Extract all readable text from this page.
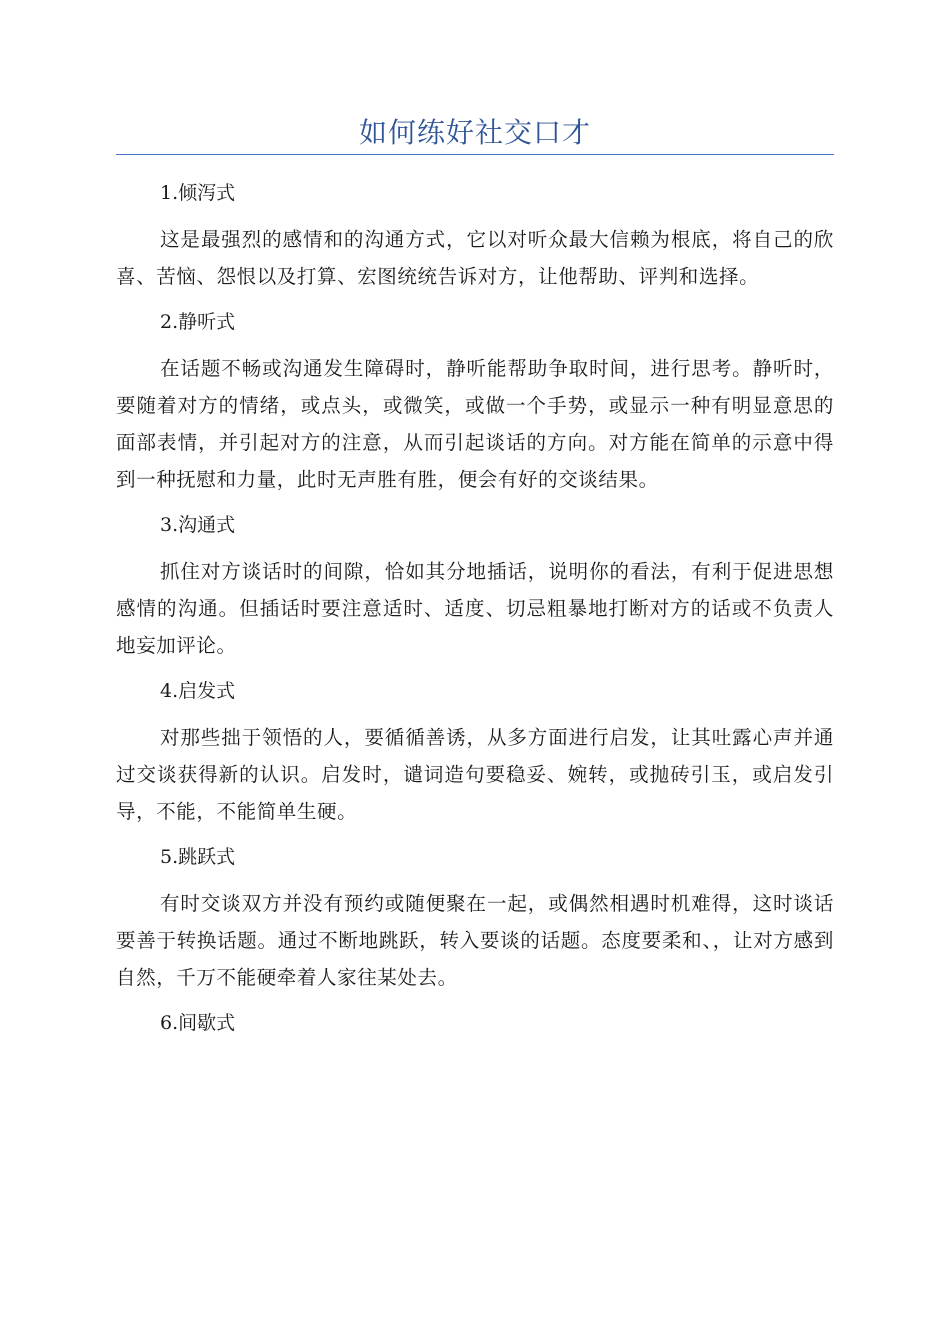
如何练好社交口才

1.倾泻式

这是最强烈的感情和的沟通方式，它以对听众最大信赖为根底，将自己的欣喜、苦恼、怨恨以及打算、宏图统统告诉对方，让他帮助、评判和选择。

2.静听式

在话题不畅或沟通发生障碍时，静听能帮助争取时间，进行思考。静听时，要随着对方的情绪，或点头，或微笑，或做一个手势，或显示一种有明显意思的面部表情，并引起对方的注意，从而引起谈话的方向。对方能在简单的示意中得到一种抚慰和力量，此时无声胜有胜，便会有好的交谈结果。

3.沟通式

抓住对方谈话时的间隙，恰如其分地插话，说明你的看法，有利于促进思想感情的沟通。但插话时要注意适时、适度、切忌粗暴地打断对方的话或不负责人地妄加评论。

4.启发式

对那些拙于领悟的人，要循循善诱，从多方面进行启发，让其吐露心声并通过交谈获得新的认识。启发时，谴词造句要稳妥、婉转，或抛砖引玉，或启发引导，不能，不能简单生硬。

5.跳跃式

有时交谈双方并没有预约或随便聚在一起，或偶然相遇时机难得，这时谈话要善于转换话题。通过不断地跳跃，转入要谈的话题。态度要柔和、，让对方感到自然，千万不能硬牵着人家往某处去。

6.间歇式
